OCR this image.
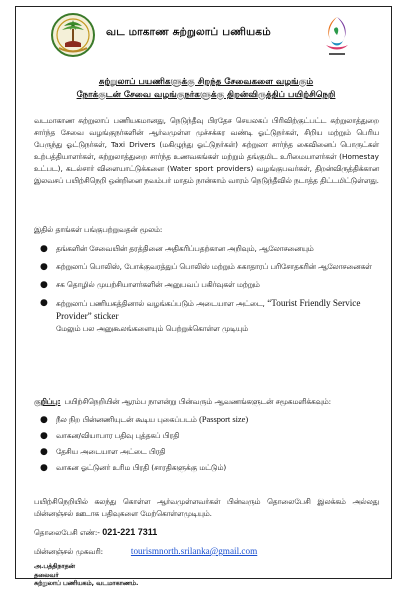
வட மாகாண சுற்றுலாப் பணியகம்
சுற்றுலாப் பயணிகளுக்கு சிறந்த சேவைகளை வழங்கும்
நோக்குடன் சேவை வழங்குநர்களுக்கு திறன்விருத்திப் பயிற்சிநெறி
வடமாகாண சுற்றுலாப் பணியகமானது, நெடுந்தீவு பிரதேச செயலகப் பிரிவிற்குட்பட்ட சுற்றுலாத்துறை சார்ந்த சேவை வழங்குநர்களின் ஆர்வமுள்ள முச்சக்கர வண்டி ஓட்டுநர்கள், சிறிய மற்றும் பெரிய பேருந்து ஓட்டுநர்கள், Taxi Drivers (மகிழுந்து ஓட்டுநர்கள்) சுற்றுலா சார்ந்த கைவினைப் பொருட்கள் உற்பத்தியாளர்கள், சுற்றுலாத்துறை சார்ந்த உணவகங்கள் மற்றும் தங்குமிட உரிமையாளர்கள் (Homestay உட்பட), கடல்சார் விளையாட்டுக்களை (Water sport providers) வழங்குபவர்கள், திறன்விருத்திக்கான இலவசப் பயிற்சிநெறி ஒன்றினை நவம்பர் மாதம் நான்காம் வாரம் நெடுந்தீவில் நடாத்த திட்டமிட்டுள்ளது.
இதில் தாங்கள் பங்குபற்றுவதன் மூலம்:
● தங்களின் சேவையின் தரத்தினை அதிகரிப்பதற்கான அறிவும், ஆலோசனையும்
● சுற்றுலாப் பொலிஸ், போக்குவரத்துப் பொலிஸ் மற்றும் சுகாதாரப் பரிசோதகரின் ஆலோசனைகள்
● சக தொழில் முயற்சியாளர்களின் அனுபவப் பகிர்வுகள் மற்றும்
● சுற்றுலாப் பணியகத்தினால் வழங்கப்படும் அடையாள அட்டை, “Tourist Friendly Service Provider” sticker
மேலும் பல அனுகூலங்களையும் பெற்றுக்கொள்ள முடியும்
குறிப்பு: பயிற்சிநெறியின் ஆரம்ப நாளன்று பின்வரும் ஆவணங்களுடன் சமூகமளிக்கவும்:
● நீல நிற பின்னணியுடன் கூடிய புகைப்படம் (Passport size)
● வாகன/வியாபார பதிவு புத்தகப் பிரதி
● தேசிய அடையாள அட்டை பிரதி
● வாகன ஓட்டுனர் உரிம பிரதி (சாரதிகளுக்கு மட்டும்)
பயிற்சிநெறியில் கலந்து கொள்ள ஆர்வமுள்ளவர்கள் பின்வரும் தொலைபேசி இலக்கம் அல்லது மின்னஞ்சல் ஊடாக பதிவுகளை மேற்கொள்ளமுடியும்.
தொலைபேசி எண்:- 021-221 7311
மின்னஞ்சல் முகவரி:	tourismnorth.srilanka@gmail.com
அ.பத்திநாதன்
தலைவர்
சுற்றுலாப் பணியகம், வடமாகாணம்.
